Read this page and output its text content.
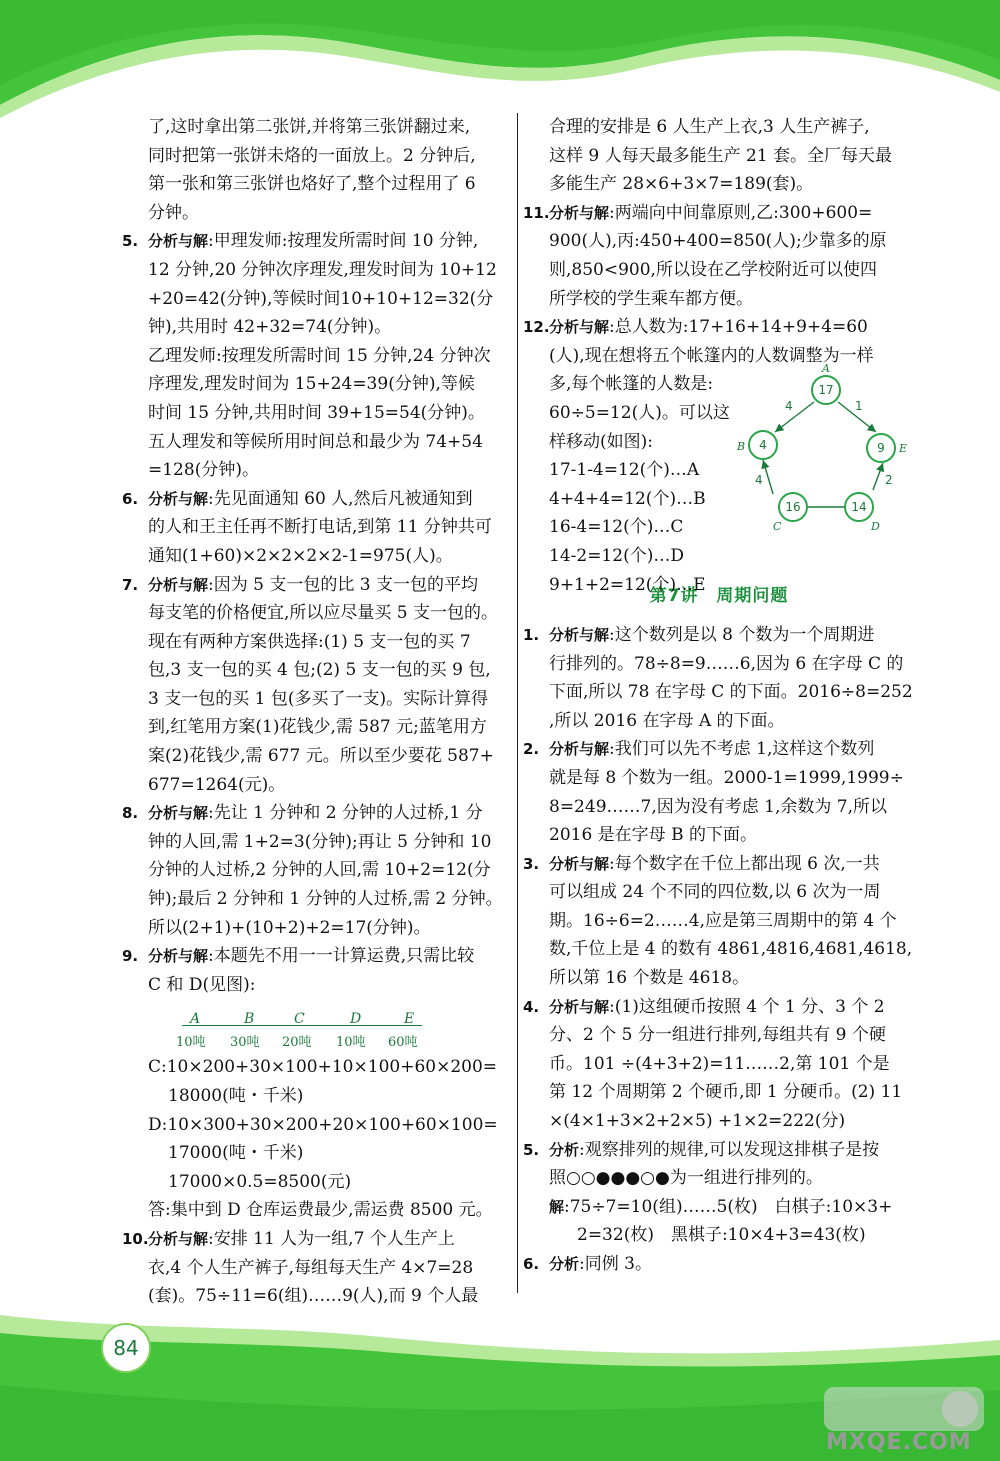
了,这时拿出第二张饼,并将第三张饼翻过来,
同时把第一张饼未烙的一面放上。2 分钟后,
第一张和第三张饼也烙好了,整个过程用了 6
分钟。

5. 分析与解:甲理发师:按理发所需时间 10 分钟,
12 分钟,20 分钟次序理发,理发时间为 10+12
+20=42(分钟),等候时间10+10+12=32(分
钟),共用时 42+32=74(分钟)。

乙理发师:按理发所需时间 15 分钟,24 分钟次
序理发,理发时间为 15+24=39(分钟),等候
时间 15 分钟,共用时间 39+15=54(分钟)。

五人理发和等候所用时间总和最少为 74+54
=128(分钟)。

6. 分析与解:先见面通知 60 人,然后凡被通知到
的人和王主任再不断打电话,到第 11 分钟共可
通知(1+60)×2×2×2×2-1=975(人)。
7. 分析与解:因为 5 支一包的比 3 支一包的平均
每支笔的价格便宜,所以应尽量买 5 支一包的。
现在有两种方案供选择:(1) 5 支一包的买 7
包,3 支一包的买 4 包;(2) 5 支一包的买 9 包,
3 支一包的买 1 包(多买了一支)。实际计算得
到,红笔用方案(1)花钱少,需 587 元;蓝笔用方
案(2)花钱少,需 677 元。所以至少要花 587+
677=1264(元)。
8. 分析与解:先让 1 分钟和 2 分钟的人过桥,1 分
钟的人回,需 1+2=3(分钟);再让 5 分钟和 10
分钟的人过桥,2 分钟的人回,需 10+2=12(分
钟);最后 2 分钟和 1 分钟的人过桥,需 2 分钟。
所以(2+1)+(10+2)+2=17(分钟)。
9. 分析与解:本题先不用一一计算运费,只需比较
C 和 D(见图):
A	B	C	D	E
10吨 30吨 20吨 10吨 60吨

C:10×200+30×100+10×100+60×200=
18000(吨・千米)
D:10×300+30×200+20×100+60×100=
17000(吨・千米)
17000×0.5=8500(元)
答:集中到 D 仓库运费最少,需运费 8500 元。

10. 分析与解:安排 11 人为一组,7 个人生产上
衣,4 个人生产裤子,每组每天生产 4×7=28
(套)。75÷11=6(组)……9(人),而 9 个人最

合理的安排是 6 人生产上衣,3 人生产裤子,
这样 9 人每天最多能生产 21 套。全厂每天最
多能生产 28×6+3×7=189(套)。

11. 分析与解:两端向中间靠原则,乙:300+600=
900(人),丙:450+400=850(人);少靠多的原
则,850<900,所以设在乙学校附近可以使四
所学校的学生乘车都方便。
12. 分析与解:总人数为:17+16+14+9+4=60
(人),现在想将五个帐篷内的人数调整为一样
多,每个帐篷的人数是:
60÷5=12(人)。可以这
样移动(如图):
17-1-4=12(个)…A
4+4+4=12(个)…B
16-4=12(个)…C
14-2=12(个)…D
9+1+2=12(个)…E
4	1
4	2
17
4
16	14
9
A
B
C	D
E
第7讲　周期问题
1. 分析与解:这个数列是以 8 个数为一个周期进
行排列的。78÷8=9……6,因为 6 在字母 C 的
下面,所以 78 在字母 C 的下面。2016÷8=252
,所以 2016 在字母 A 的下面。
2. 分析与解:我们可以先不考虑 1,这样这个数列
就是每 8 个数为一组。2000-1=1999,1999÷
8=249……7,因为没有考虑 1,余数为 7,所以
2016 是在字母 B 的下面。
3. 分析与解:每个数字在千位上都出现 6 次,一共
可以组成 24 个不同的四位数,以 6 次为一周
期。16÷6=2……4,应是第三周期中的第 4 个
数,千位上是 4 的数有 4861,4816,4681,4618,
所以第 16 个数是 4618。
4. 分析与解:(1)这组硬币按照 4 个 1 分、3 个 2
分、2 个 5 分一组进行排列,每组共有 9 个硬
币。101 ÷(4+3+2)=11……2,第 101 个是
第 12 个周期第 2 个硬币,即 1 分硬币。(2) 11
×(4×1+3×2+2×5) +1×2=222(分)
5. 分析:观察排列的规律,可以发现这排棋子是按
照○○●●●○●为一组进行排列的。
解:75÷7=10(组)……5(枚)　白棋子:10×3+
2=32(枚)　黑棋子:10×4+3=43(枚)
6. 分析:同例 3。
84
MXQE.COM
